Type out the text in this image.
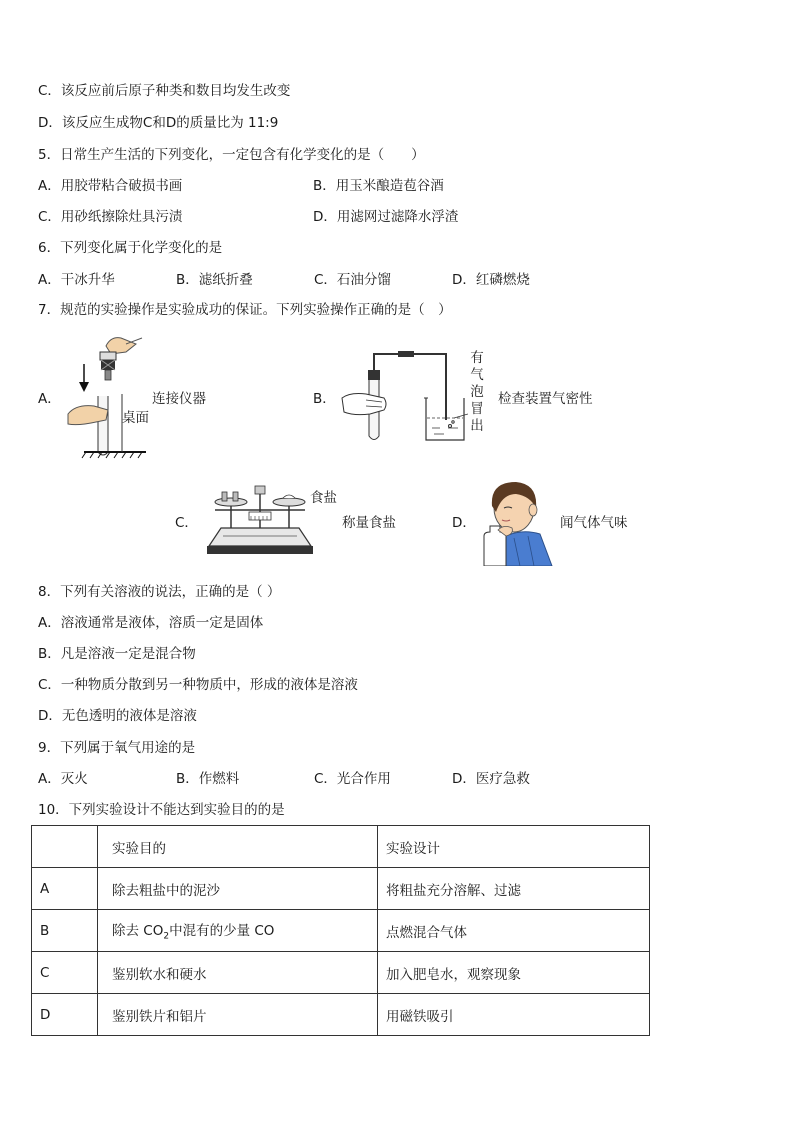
C．该反应前后原子种类和数目均发生改变
D．该反应生成物C和D的质量比为 11:9
5．日常生产生活的下列变化，一定包含有化学变化的是（　　）
A．用胶带粘合破损书画	B．用玉米酿造苞谷酒
C．用砂纸擦除灶具污渍	D．用滤网过滤降水浮渣
6．下列变化属于化学变化的是
A．干冰升华	B．滤纸折叠	C．石油分馏	D．红磷燃烧
7．规范的实验操作是实验成功的保证。下列实验操作正确的是（　）
A．	连接仪器
桌面
B．
有气泡冒出
检查装置气密性
C．
食盐
称量食盐	D．	闻气体气味
8．下列有关溶液的说法，正确的是（ ）
A．溶液通常是液体，溶质一定是固体
B．凡是溶液一定是混合物
C．一种物质分散到另一种物质中，形成的液体是溶液
D．无色透明的液体是溶液
9．下列属于氧气用途的是
A．灭火	B．作燃料	C．光合作用	D．医疗急救
10．下列实验设计不能达到实验目的的是
	实验目的	实验设计
A	除去粗盐中的泥沙	将粗盐充分溶解、过滤
B	除去 $CO_2$中混有的少量 CO	点燃混合气体
C	鉴别软水和硬水	加入肥皂水，观察现象
D	鉴别铁片和铝片	用磁铁吸引
